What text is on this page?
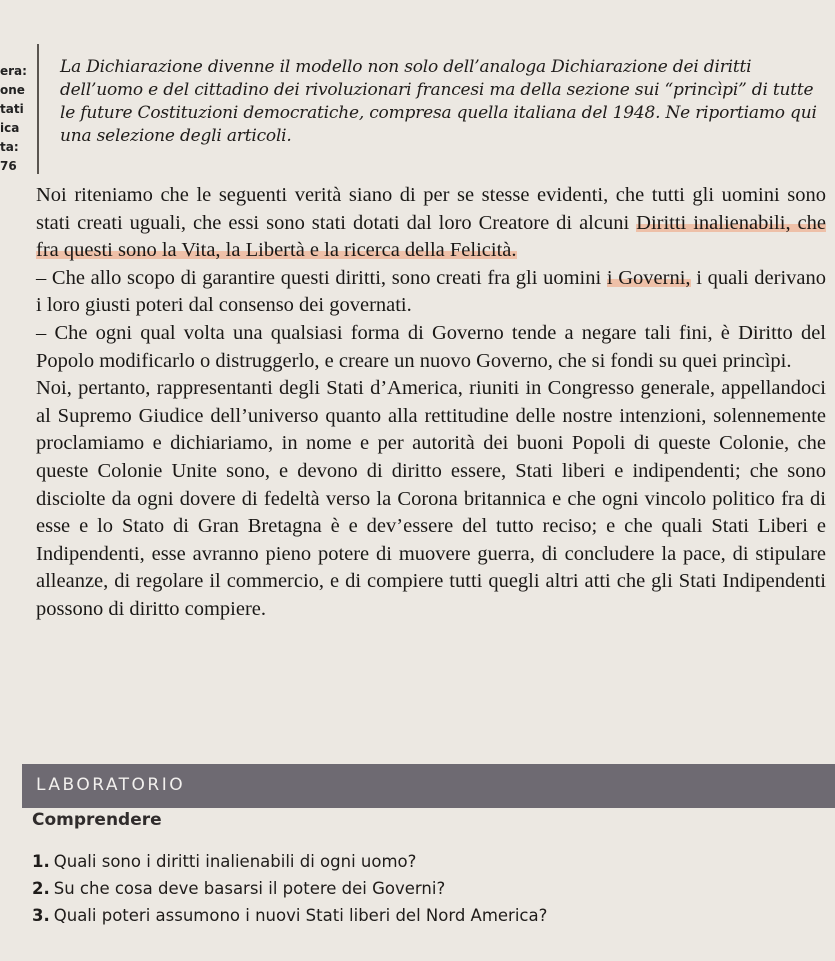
era:
one
tati
ica
ta:
76
La Dichiarazione divenne il modello non solo dell’analoga Dichiarazione dei diritti dell’uomo e del cittadino dei rivoluzionari francesi ma della sezione sui “princìpi” di tutte le future Costituzioni democratiche, compresa quella italiana del 1948. Ne riportiamo qui una selezione degli articoli.

Noi riteniamo che le seguenti verità siano di per se stesse evidenti, che tutti gli uomini sono stati creati uguali, che essi sono stati dotati dal loro Creatore di alcuni Diritti inalienabili, che fra questi sono la Vita, la Libertà e la ricerca della Felicità.

– Che allo scopo di garantire questi diritti, sono creati fra gli uomini i Governi, i quali derivano i loro giusti poteri dal consenso dei governati.

– Che ogni qual volta una qualsiasi forma di Governo tende a negare tali fini, è Diritto del Popolo modificarlo o distruggerlo, e creare un nuovo Governo, che si fondi su quei princìpi.

Noi, pertanto, rappresentanti degli Stati d’America, riuniti in Congresso generale, appellandoci al Supremo Giudice dell’universo quanto alla rettitudine delle nostre intenzioni, solennemente proclamiamo e dichiariamo, in nome e per autorità dei buoni Popoli di queste Colonie, che queste Colonie Unite sono, e devono di diritto essere, Stati liberi e indipendenti; che sono disciolte da ogni dovere di fedeltà verso la Corona britannica e che ogni vincolo politico fra di esse e lo Stato di Gran Bretagna è e dev’essere del tutto reciso; e che quali Stati Liberi e Indipendenti, esse avranno pieno potere di muovere guerra, di concludere la pace, di stipulare alleanze, di regolare il commercio, e di compiere tutti quegli altri atti che gli Stati Indipendenti possono di diritto compiere.

LABORATORIO
Comprendere
1. Quali sono i diritti inalienabili di ogni uomo?
2. Su che cosa deve basarsi il potere dei Governi?
3. Quali poteri assumono i nuovi Stati liberi del Nord America?
